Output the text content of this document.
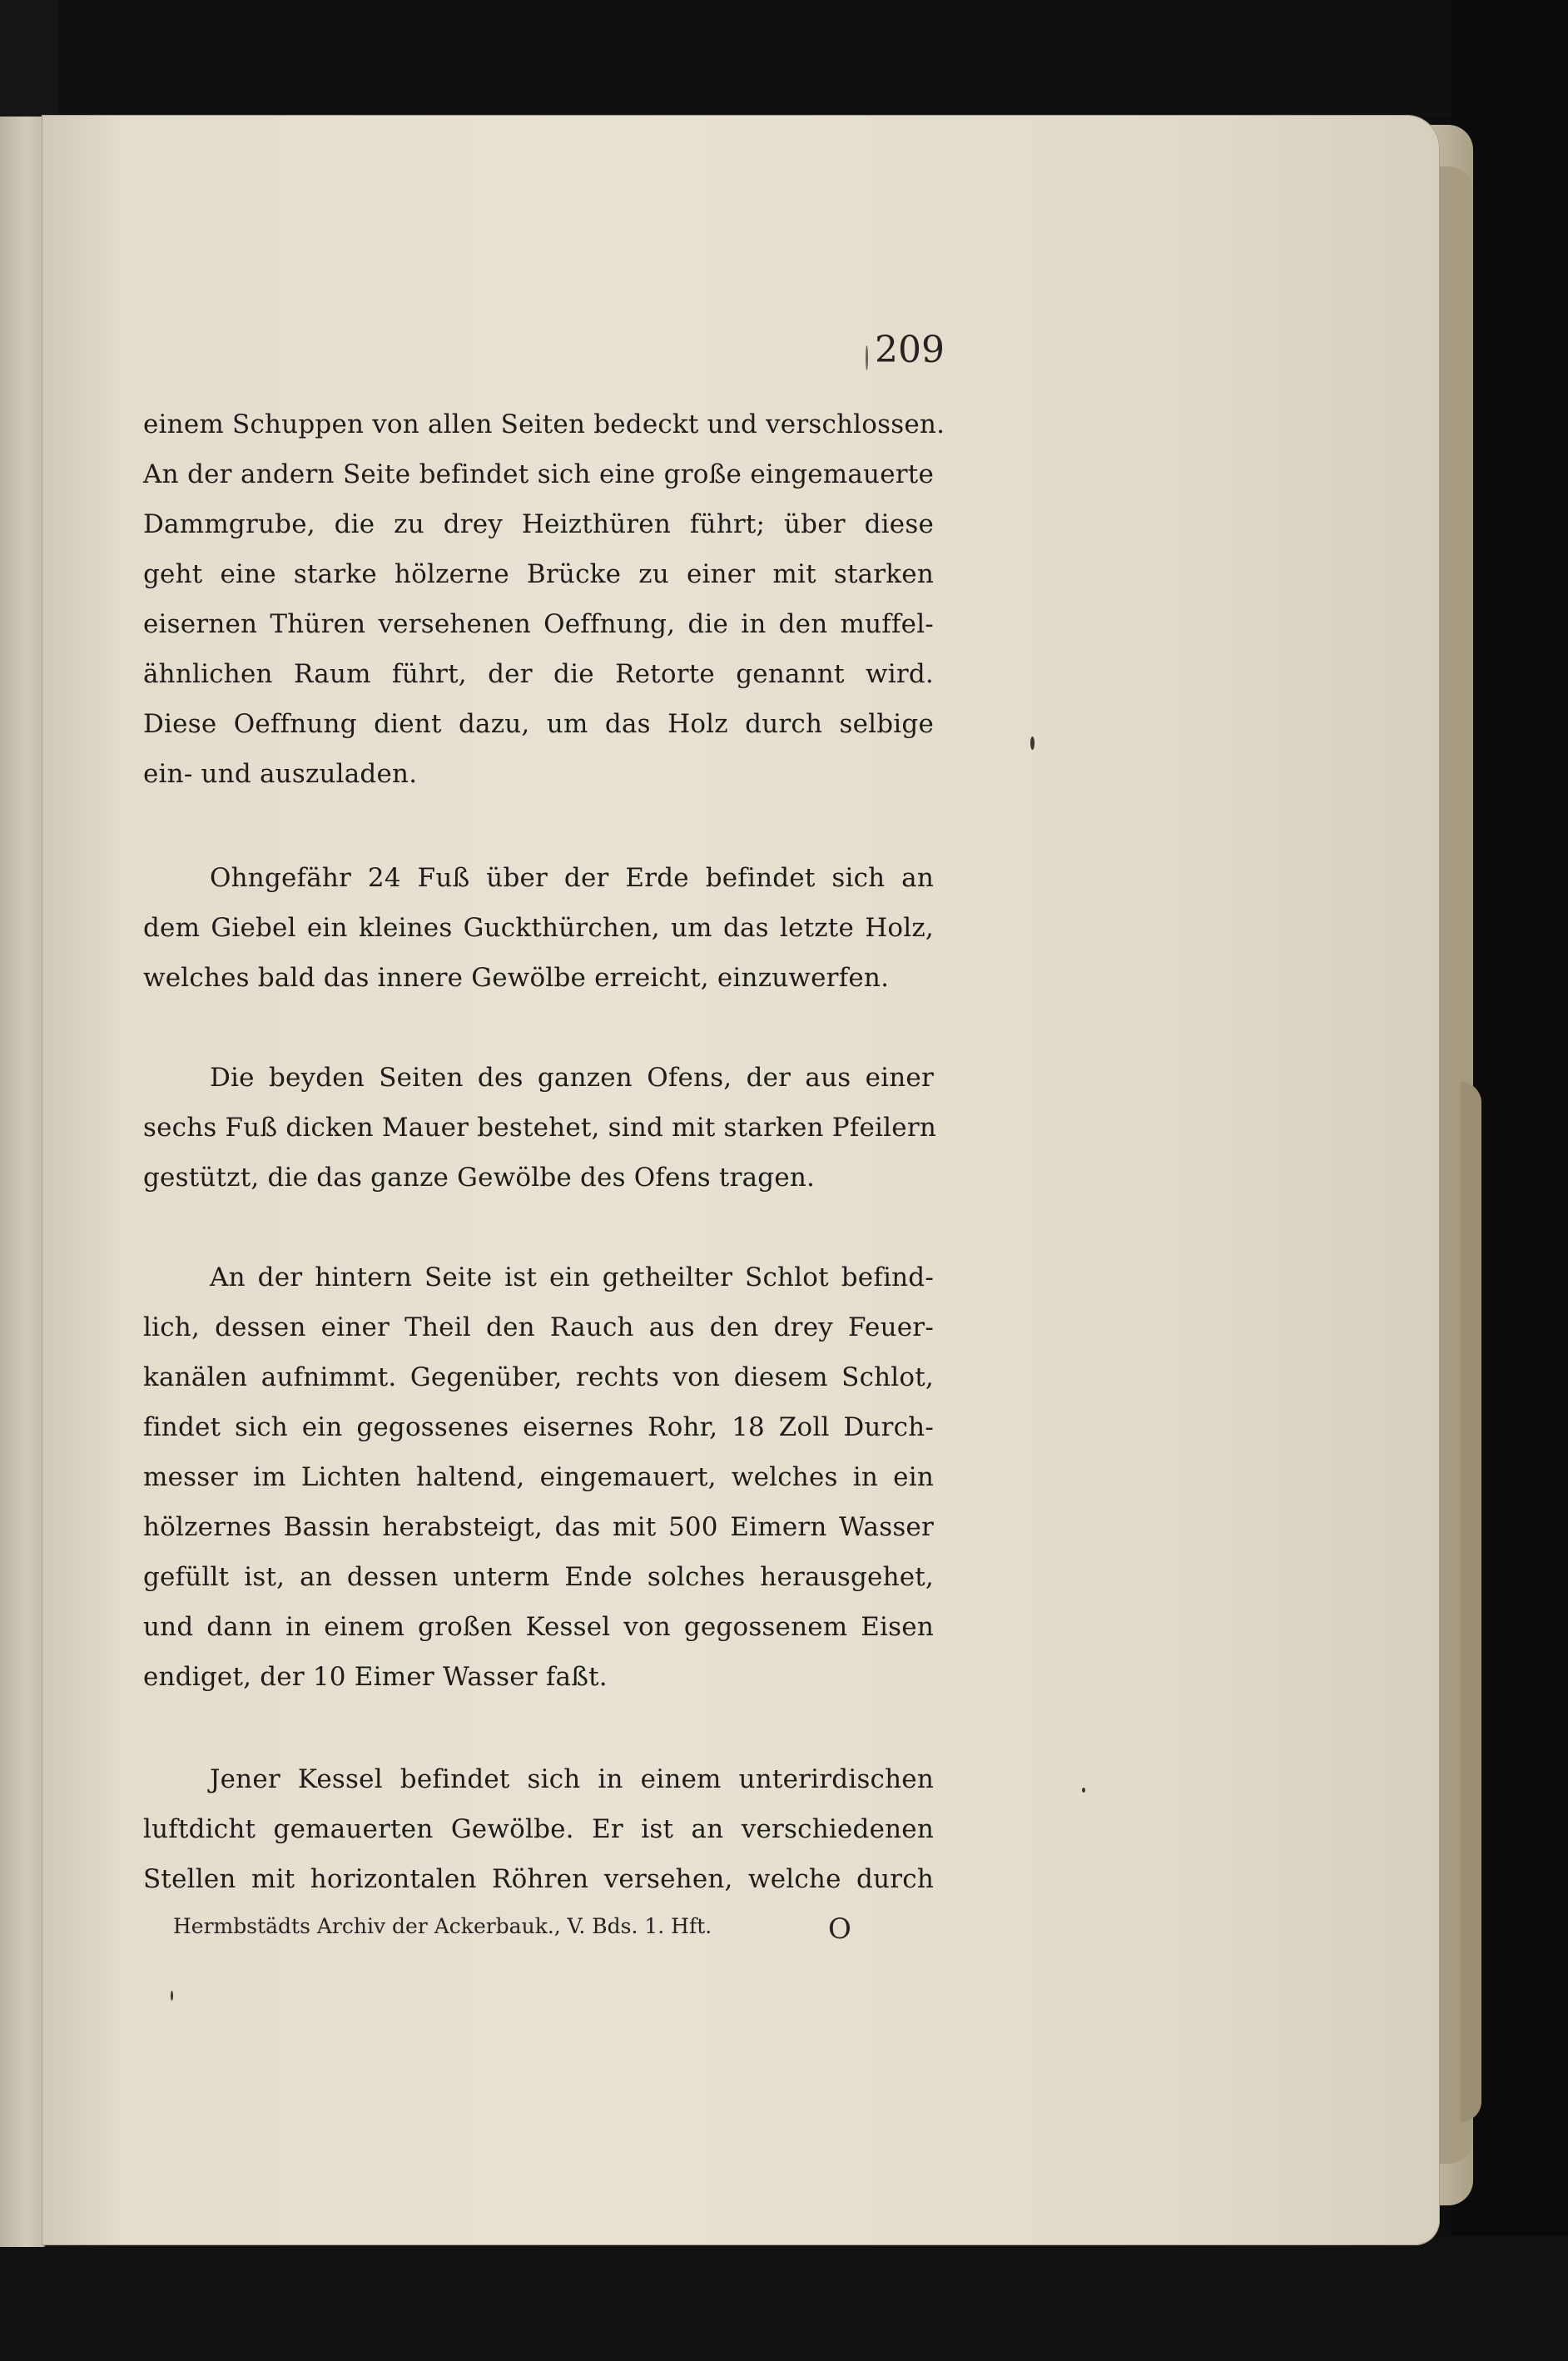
209
einem Schuppen von allen Seiten bedeckt und verschlossen.
An der andern Seite befindet sich eine große eingemauerte
Dammgrube, die zu drey Heizthüren führt; über diese
geht eine starke hölzerne Brücke zu einer mit starken
eisernen Thüren versehenen Oeffnung, die in den muffel-
ähnlichen Raum führt, der die Retorte genannt wird.
Diese Oeffnung dient dazu, um das Holz durch selbige
ein- und auszuladen.
Ohngefähr 24 Fuß über der Erde befindet sich an
dem Giebel ein kleines Guckthürchen, um das letzte Holz,
welches bald das innere Gewölbe erreicht, einzuwerfen.
Die beyden Seiten des ganzen Ofens, der aus einer
sechs Fuß dicken Mauer bestehet, sind mit starken Pfeilern
gestützt, die das ganze Gewölbe des Ofens tragen.
An der hintern Seite ist ein getheilter Schlot befind-
lich, dessen einer Theil den Rauch aus den drey Feuer-
kanälen aufnimmt. Gegenüber, rechts von diesem Schlot,
findet sich ein gegossenes eisernes Rohr, 18 Zoll Durch-
messer im Lichten haltend, eingemauert, welches in ein
hölzernes Bassin herabsteigt, das mit 500 Eimern Wasser
gefüllt ist, an dessen unterm Ende solches herausgehet,
und dann in einem großen Kessel von gegossenem Eisen
endiget, der 10 Eimer Wasser faßt.
Jener Kessel befindet sich in einem unterirdischen
luftdicht gemauerten Gewölbe. Er ist an verschiedenen
Stellen mit horizontalen Röhren versehen, welche durch
Hermbstädts Archiv der Ackerbauk., V. Bds. 1. Hft.	O
